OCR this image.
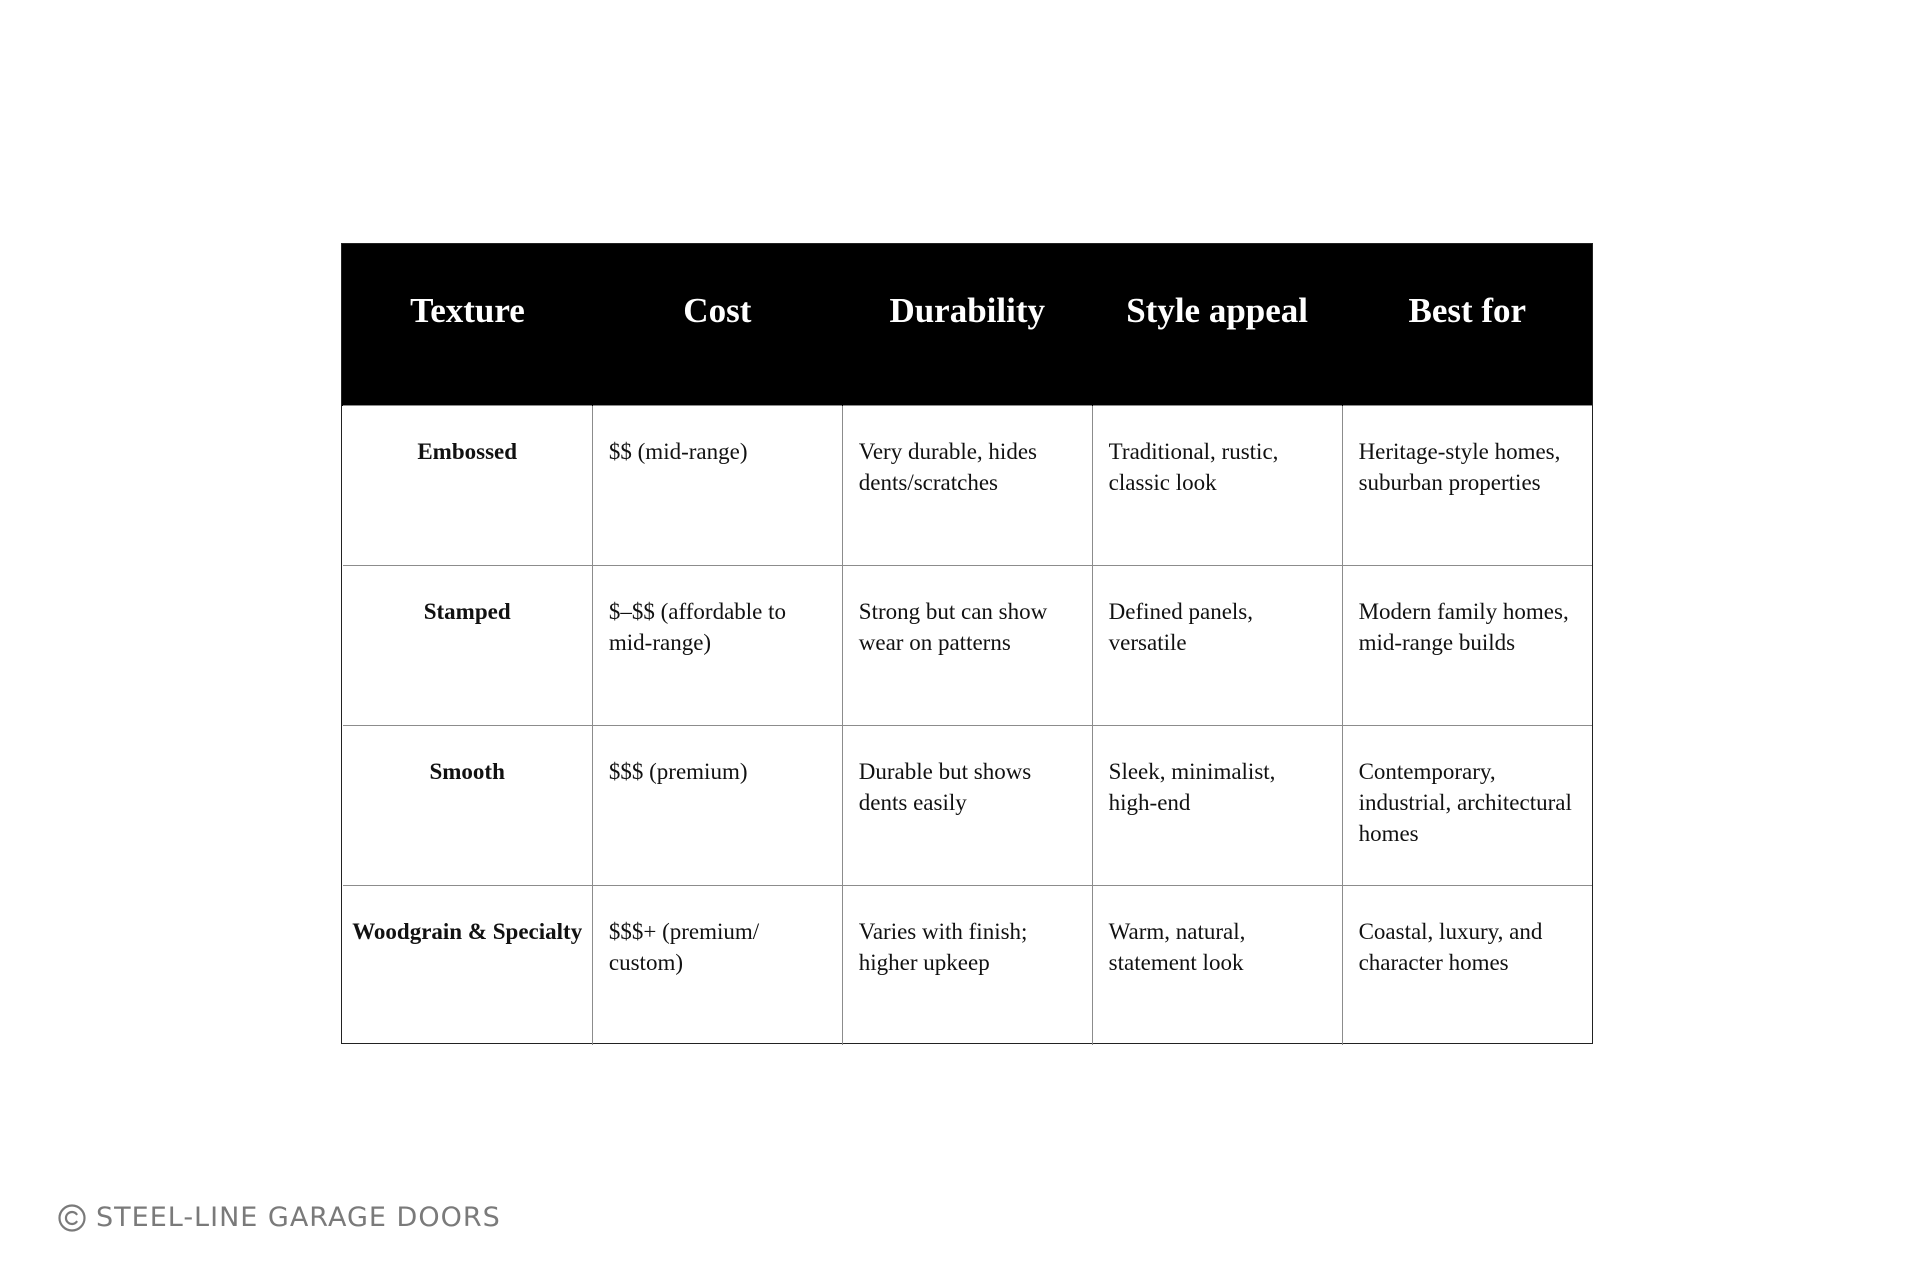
Texture	Cost	Durability	Style appeal	Best for
Embossed	$$ (mid-range)	Very durable, hides dents/scratches	Traditional, rustic, classic look	Heritage-style homes, suburban properties
Stamped	$–$$ (affordable to mid-range)	Strong but can show wear on patterns	Defined panels, versatile	Modern family homes, mid-range builds
Smooth	$$$ (premium)	Durable but shows dents easily	Sleek, minimalist, high-end	Contemporary, industrial, architectural homes
Woodgrain & Specialty	$$$+ (premium/ custom)	Varies with finish; higher upkeep	Warm, natural, statement look	Coastal, luxury, and character homes
STEEL-LINE GARAGE DOORS
